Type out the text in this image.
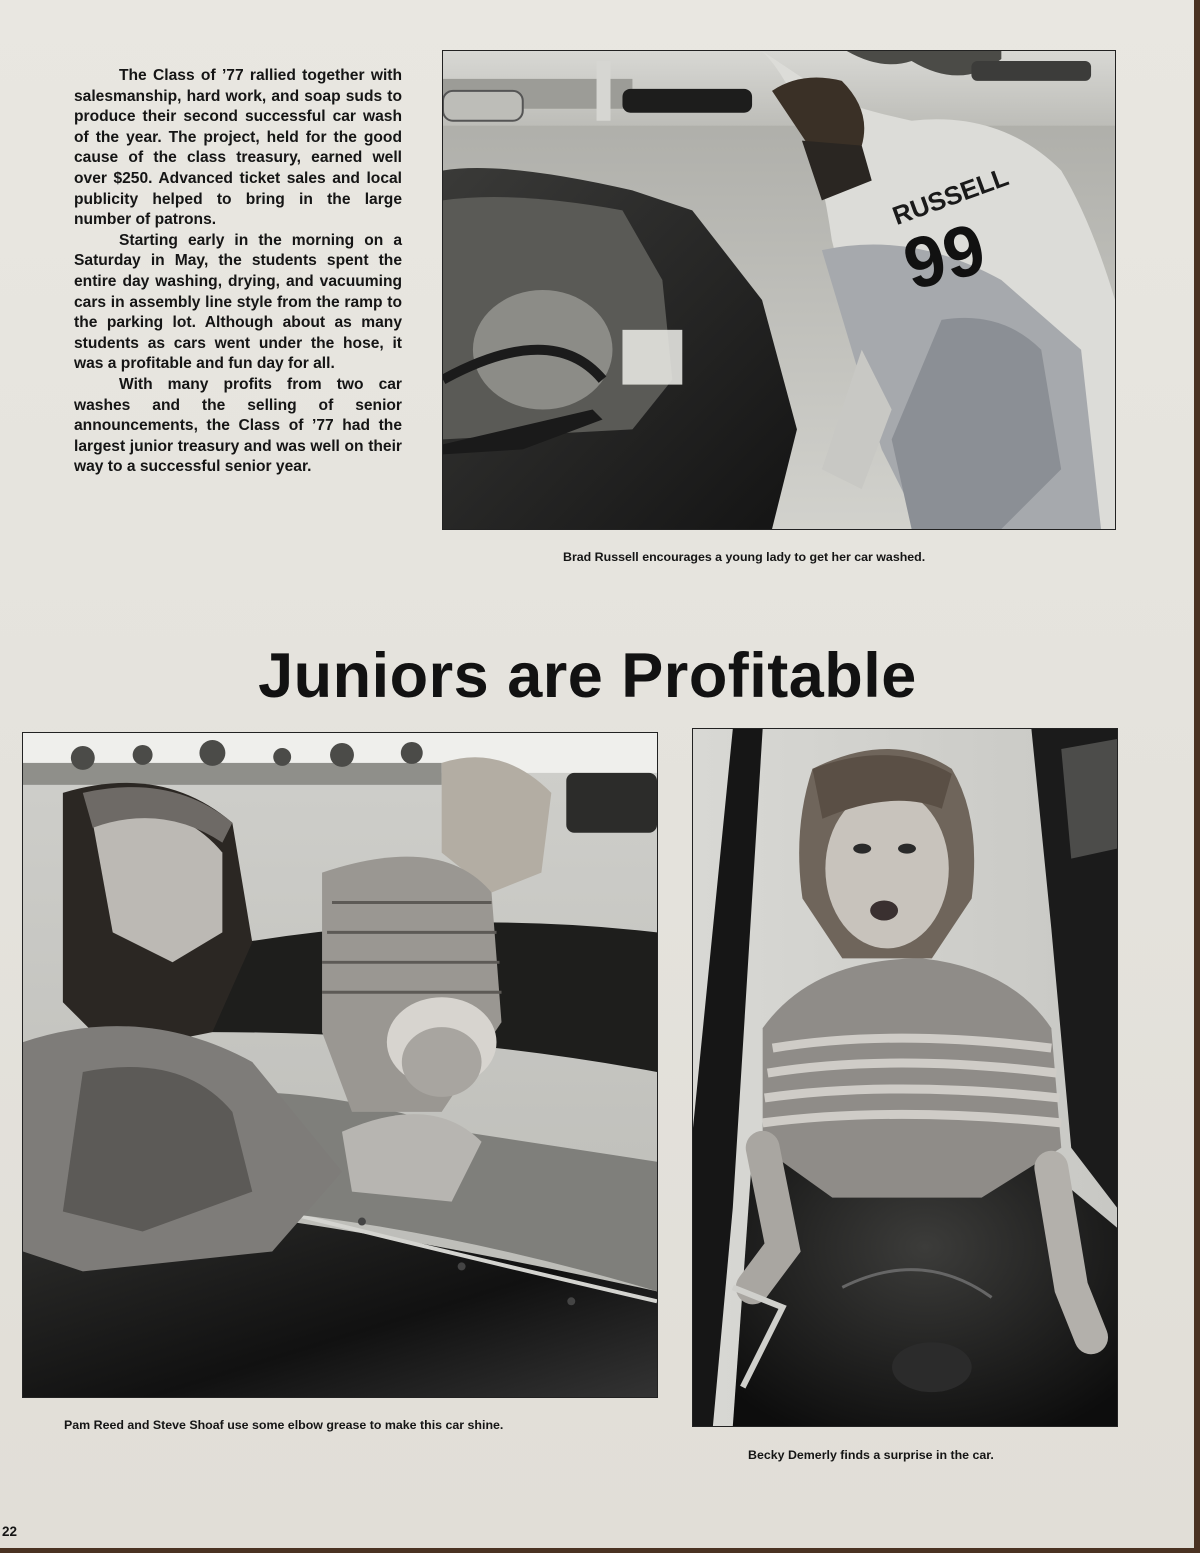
The Class of ’77 rallied together with salesmanship, hard work, and soap suds to produce their second successful car wash of the year. The project, held for the good cause of the class treasury, earned well over $250. Advanced ticket sales and local publicity helped to bring in the large number of patrons.

Starting early in the morning on a Saturday in May, the students spent the entire day washing, drying, and vacuuming cars in assembly line style from the ramp to the parking lot. Although about as many students as cars went under the hose, it was a profitable and fun day for all.

With many profits from two car washes and the selling of senior announcements, the Class of ’77 had the largest junior treasury and was well on their way to a successful senior year.

RUSSELL
99
Brad Russell encourages a young lady to get her car washed.
Juniors are Profitable
Pam Reed and Steve Shoaf use some elbow grease to make this car shine.
Becky Demerly finds a surprise in the car.
22
